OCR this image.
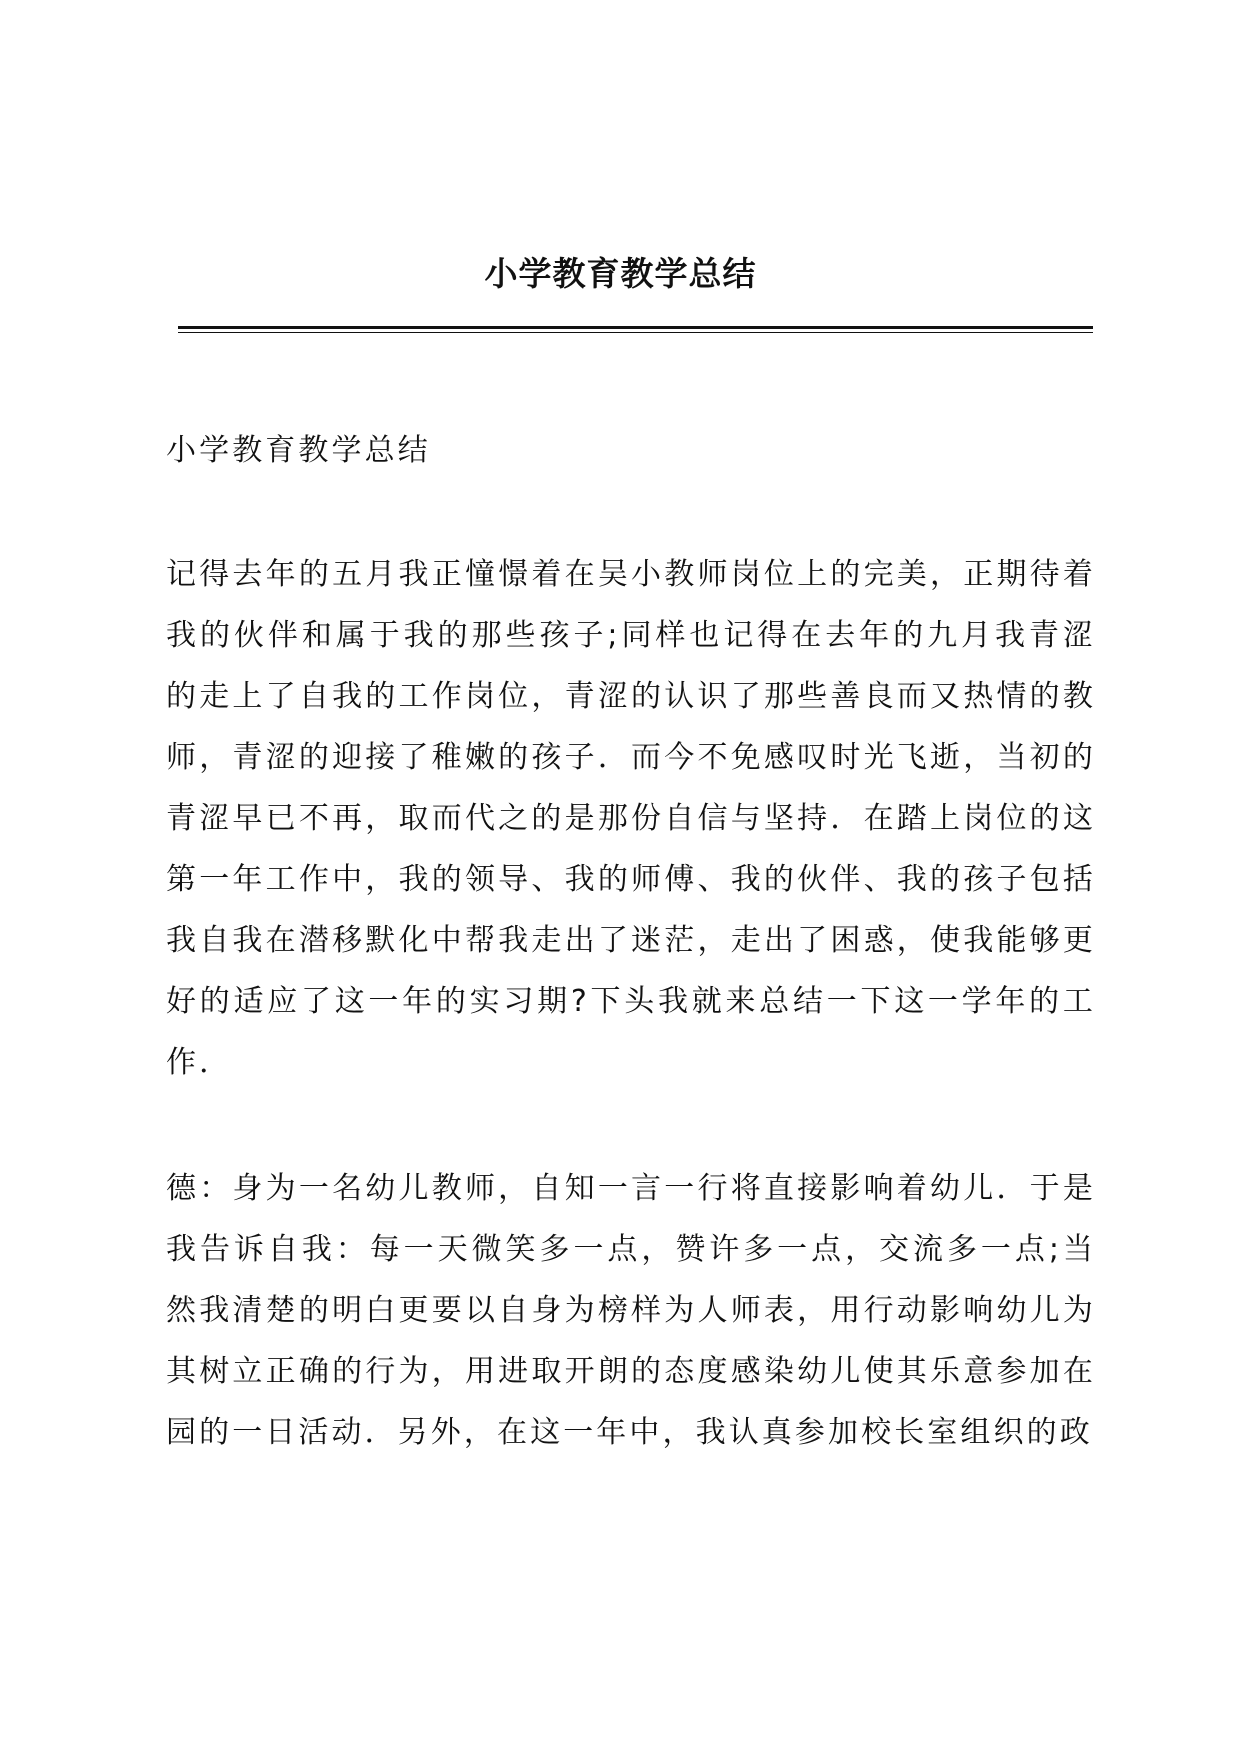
小学教育教学总结

小学教育教学总结

记得去年的五月我正憧憬着在吴小教师岗位上的完美，正期待着我的伙伴和属于我的那些孩子;同样也记得在去年的九月我青涩的走上了自我的工作岗位，青涩的认识了那些善良而又热情的教师，青涩的迎接了稚嫩的孩子．而今不免感叹时光飞逝，当初的青涩早已不再，取而代之的是那份自信与坚持．在踏上岗位的这第一年工作中，我的领导、我的师傅、我的伙伴、我的孩子包括我自我在潜移默化中帮我走出了迷茫，走出了困惑，使我能够更好的适应了这一年的实习期?下头我就来总结一下这一学年的工作．

德：身为一名幼儿教师，自知一言一行将直接影响着幼儿．于是我告诉自我：每一天微笑多一点，赞许多一点，交流多一点;当然我清楚的明白更要以自身为榜样为人师表，用行动影响幼儿为其树立正确的行为，用进取开朗的态度感染幼儿使其乐意参加在园的一日活动．另外，在这一年中，我认真参加校长室组织的政
